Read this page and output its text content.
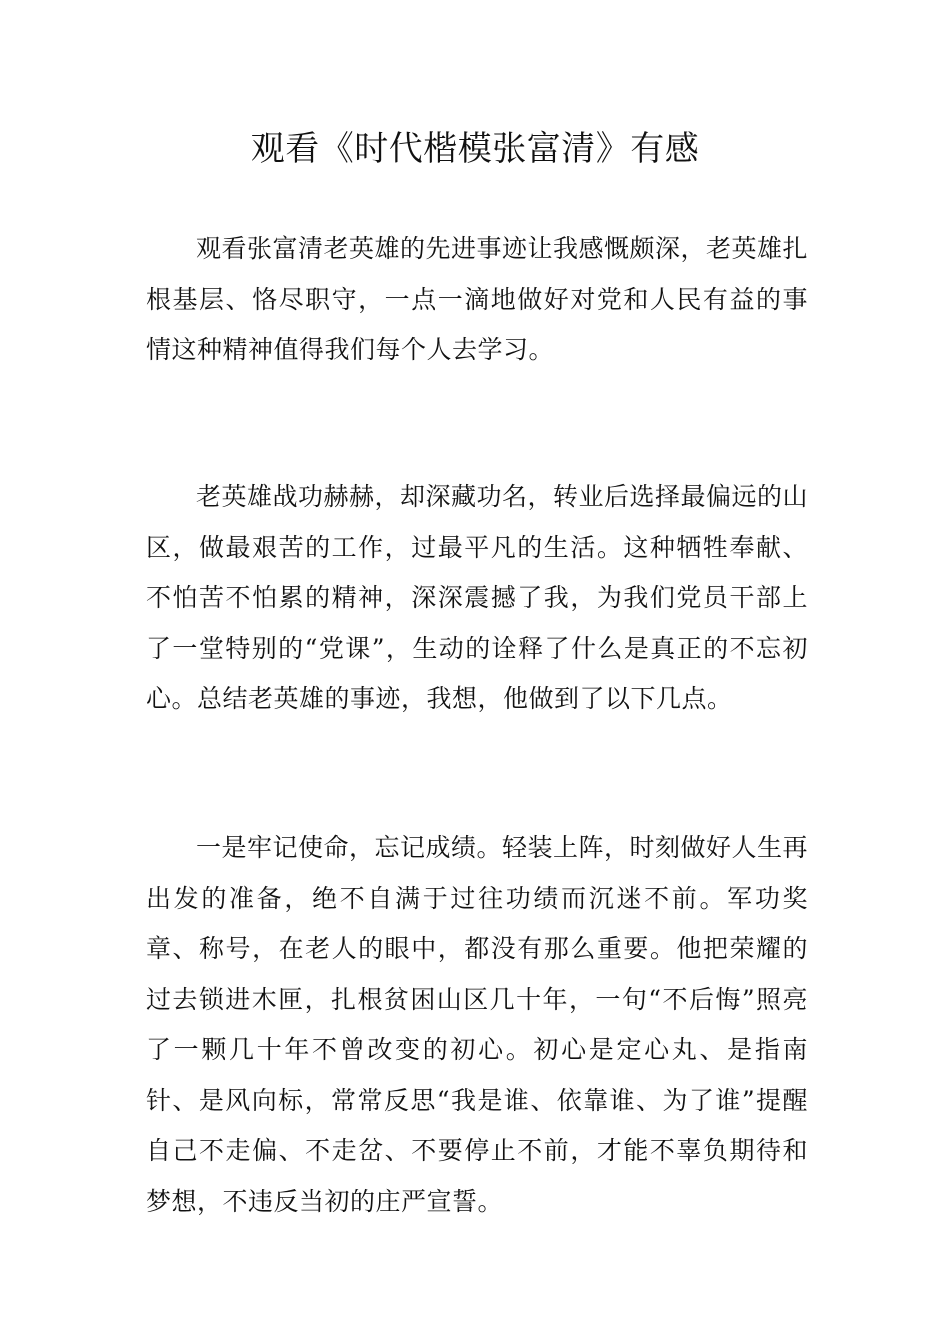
观看《时代楷模张富清》有感

观看张富清老英雄的先进事迹让我感慨颇深，老英雄扎根基层、恪尽职守，一点一滴地做好对党和人民有益的事情这种精神值得我们每个人去学习。

老英雄战功赫赫，却深藏功名，转业后选择最偏远的山区，做最艰苦的工作，过最平凡的生活。这种牺牲奉献、不怕苦不怕累的精神，深深震撼了我，为我们党员干部上了一堂特别的“党课”，生动的诠释了什么是真正的不忘初心。总结老英雄的事迹，我想，他做到了以下几点。

一是牢记使命，忘记成绩。轻装上阵，时刻做好人生再出发的准备，绝不自满于过往功绩而沉迷不前。军功奖章、称号，在老人的眼中，都没有那么重要。他把荣耀的过去锁进木匣，扎根贫困山区几十年，一句“不后悔”照亮了一颗几十年不曾改变的初心。初心是定心丸、是指南针、是风向标，常常反思“我是谁、依靠谁、为了谁”提醒自己不走偏、不走岔、不要停止不前，才能不辜负期待和梦想，不违反当初的庄严宣誓。
